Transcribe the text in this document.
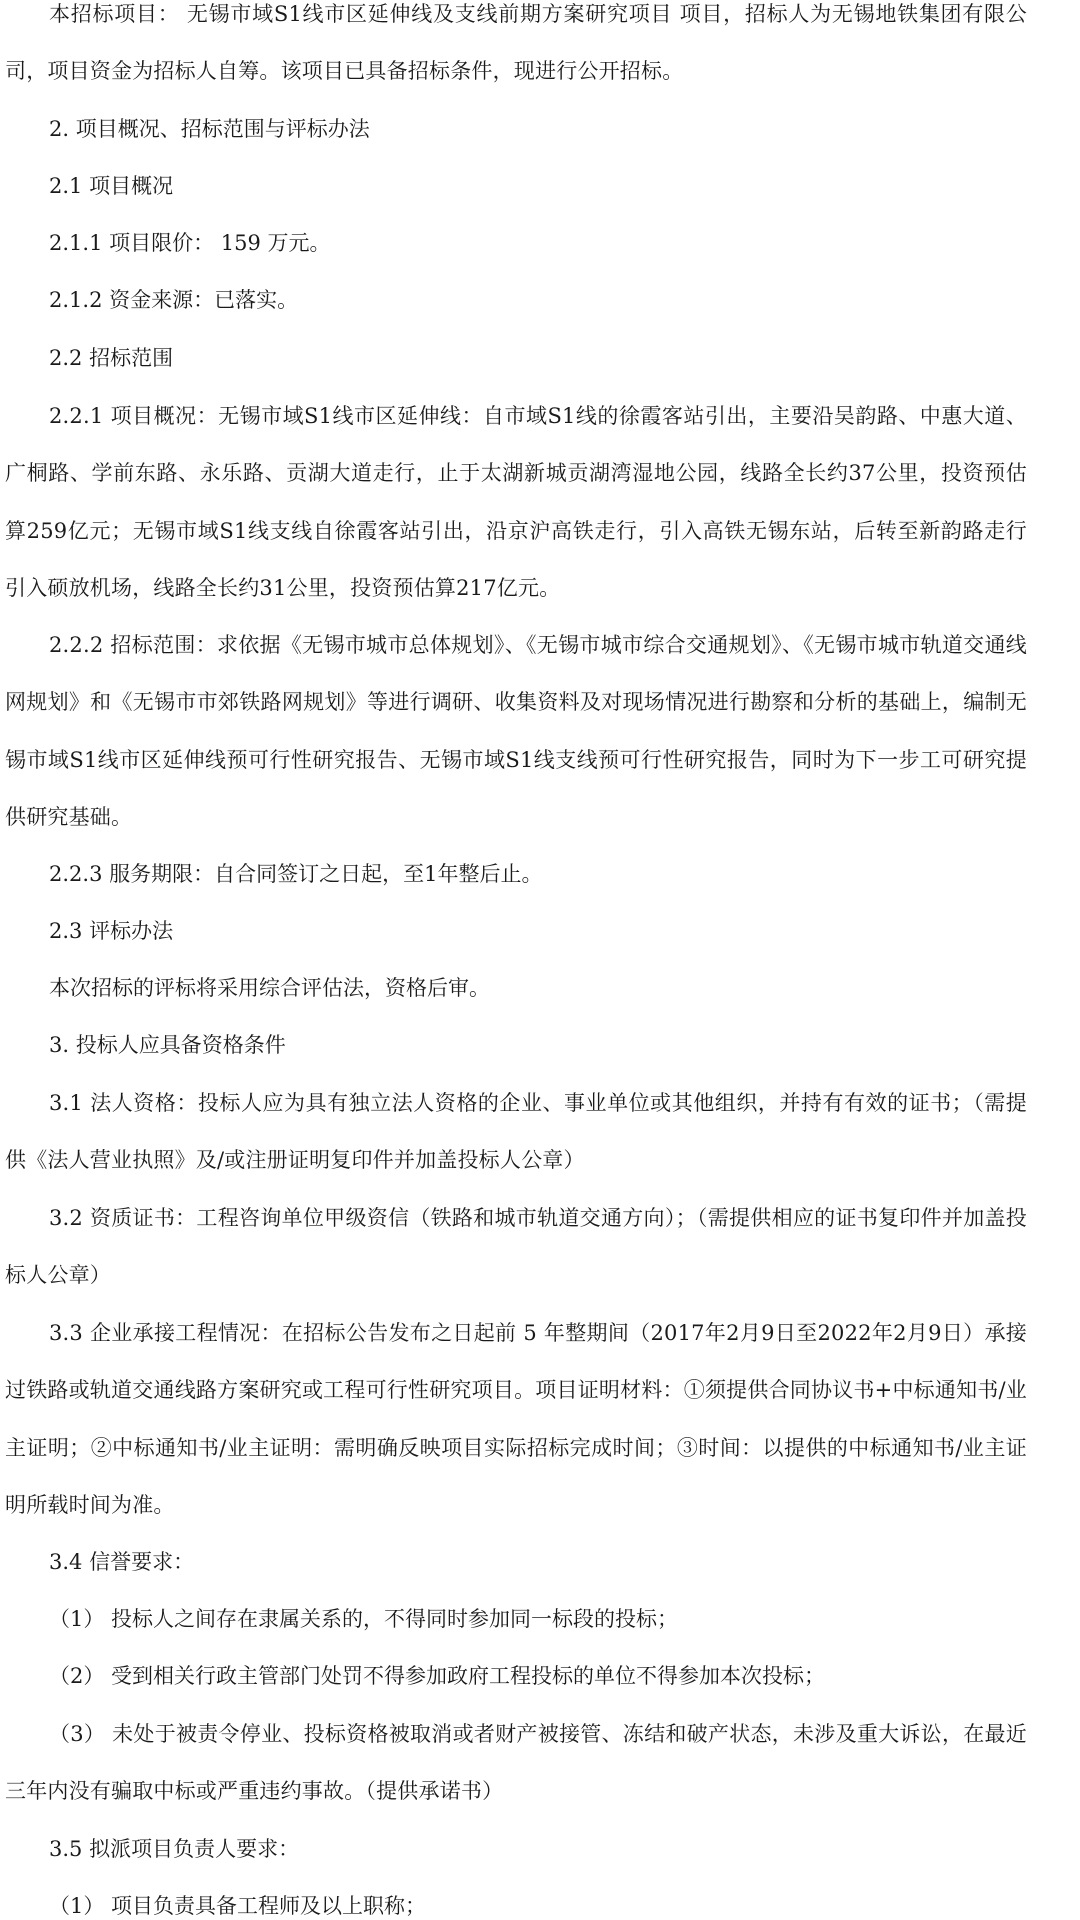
本招标项目： 无锡市域S1线市区延伸线及支线前期方案研究项目 项目，招标人为无锡地铁集团有限公司，项目资金为招标人自筹。该项目已具备招标条件，现进行公开招标。

2. 项目概况、招标范围与评标办法

2.1 项目概况

2.1.1 项目限价： 159 万元。

2.1.2 资金来源：已落实。

2.2 招标范围

2.2.1 项目概况：无锡市域S1线市区延伸线：自市域S1线的徐霞客站引出，主要沿吴韵路、中惠大道、广桐路、学前东路、永乐路、贡湖大道走行，止于太湖新城贡湖湾湿地公园，线路全长约37公里，投资预估算259亿元；无锡市域S1线支线自徐霞客站引出，沿京沪高铁走行，引入高铁无锡东站，后转至新韵路走行引入硕放机场，线路全长约31公里，投资预估算217亿元。

2.2.2 招标范围：求依据《无锡市城市总体规划》、《无锡市城市综合交通规划》、《无锡市城市轨道交通线网规划》和《无锡市市郊铁路网规划》等进行调研、收集资料及对现场情况进行勘察和分析的基础上，编制无锡市域S1线市区延伸线预可行性研究报告、无锡市域S1线支线预可行性研究报告，同时为下一步工可研究提供研究基础。

2.2.3 服务期限：自合同签订之日起，至1年整后止。

2.3 评标办法

本次招标的评标将采用综合评估法，资格后审。

3. 投标人应具备资格条件

3.1 法人资格：投标人应为具有独立法人资格的企业、事业单位或其他组织，并持有有效的证书；（需提供《法人营业执照》及/或注册证明复印件并加盖投标人公章）

3.2 资质证书：工程咨询单位甲级资信（铁路和城市轨道交通方向）；（需提供相应的证书复印件并加盖投标人公章）

3.3 企业承接工程情况：在招标公告发布之日起前 5 年整期间（2017年2月9日至2022年2月9日）承接过铁路或轨道交通线路方案研究或工程可行性研究项目。项目证明材料：①须提供合同协议书+中标通知书/业主证明；②中标通知书/业主证明：需明确反映项目实际招标完成时间；③时间：以提供的中标通知书/业主证明所载时间为准。

3.4 信誉要求：

（1） 投标人之间存在隶属关系的，不得同时参加同一标段的投标；

（2） 受到相关行政主管部门处罚不得参加政府工程投标的单位不得参加本次投标；

（3） 未处于被责令停业、投标资格被取消或者财产被接管、冻结和破产状态，未涉及重大诉讼，在最近三年内没有骗取中标或严重违约事故。（提供承诺书）

3.5 拟派项目负责人要求：

（1） 项目负责具备工程师及以上职称；
